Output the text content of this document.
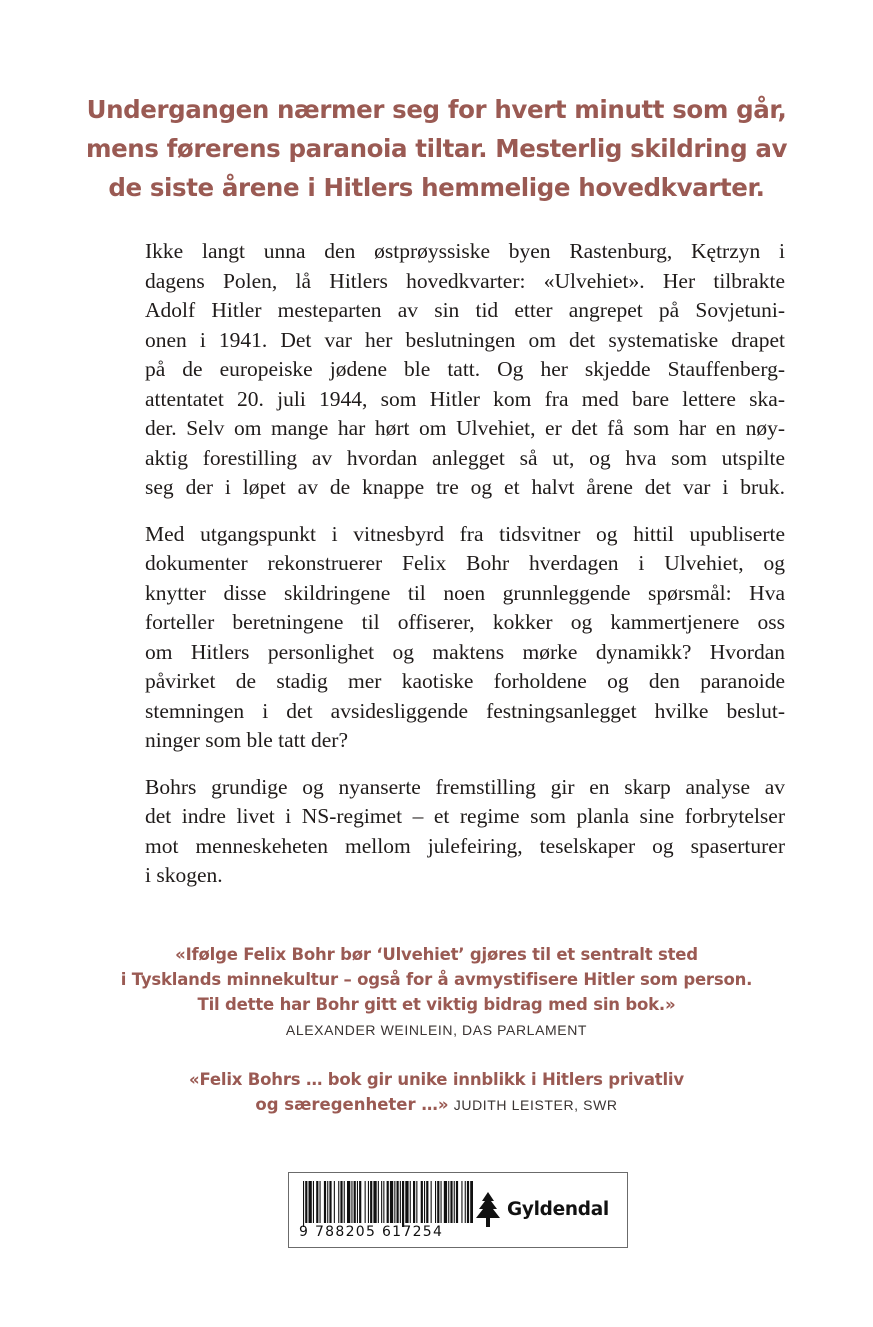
Undergangen nærmer seg for hvert minutt som går,
mens førerens paranoia tiltar. Mesterlig skildring av
de siste årene i Hitlers hemmelige hovedkvarter.

Ikke langt unna den østprøyssiske byen Rastenburg, Kętrzyn i
dagens Polen, lå Hitlers hovedkvarter: «Ulvehiet». Her tilbrakte
Adolf Hitler mesteparten av sin tid etter angrepet på Sovjetuni-
onen i 1941. Det var her beslutningen om det systematiske drapet
på de europeiske jødene ble tatt. Og her skjedde Stauffenberg-
attentatet 20. juli 1944, som Hitler kom fra med bare lettere ska-
der. Selv om mange har hørt om Ulvehiet, er det få som har en nøy-
aktig forestilling av hvordan anlegget så ut, og hva som utspilte
seg der i løpet av de knappe tre og et halvt årene det var i bruk.

Med utgangspunkt i vitnesbyrd fra tidsvitner og hittil upubliserte
dokumenter rekonstruerer Felix Bohr hverdagen i Ulvehiet, og
knytter disse skildringene til noen grunnleggende spørsmål: Hva
forteller beretningene til offiserer, kokker og kammertjenere oss
om Hitlers personlighet og maktens mørke dynamikk? Hvordan
påvirket de stadig mer kaotiske forholdene og den paranoide
stemningen i det avsidesliggende festningsanlegget hvilke beslut-
ninger som ble tatt der?

Bohrs grundige og nyanserte fremstilling gir en skarp analyse av
det indre livet i NS-regimet – et regime som planla sine forbrytelser
mot menneskeheten mellom julefeiring, teselskaper og spaserturer
i skogen.

«Ifølge Felix Bohr bør ‘Ulvehiet’ gjøres til et sentralt sted
i Tysklands minnekultur – også for å avmystifisere Hitler som person.
Til dette har Bohr gitt et viktig bidrag med sin bok.»
ALEXANDER WEINLEIN, DAS PARLAMENT
«Felix Bohrs … bok gir unike innblikk i Hitlers privatliv
og særegenheter …» JUDITH LEISTER, SWR
9 788205 617254
Gyldendal
